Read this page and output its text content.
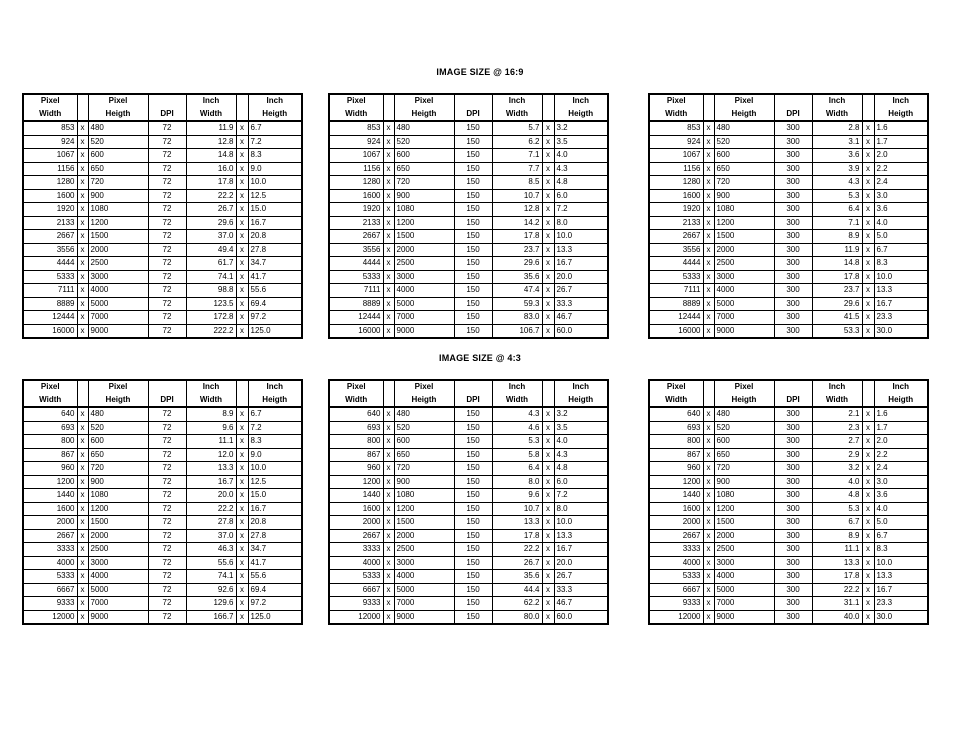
IMAGE SIZE @ 16:9
IMAGE SIZE @ 4:3
Pixel		Pixel		Inch		Inch
Width		Heigth	DPI	Width		Heigth
853	x	480	72	11.9	x	6.7
924	x	520	72	12.8	x	7.2
1067	x	600	72	14.8	x	8.3
1156	x	650	72	16.0	x	9.0
1280	x	720	72	17.8	x	10.0
1600	x	900	72	22.2	x	12.5
1920	x	1080	72	26.7	x	15.0
2133	x	1200	72	29.6	x	16.7
2667	x	1500	72	37.0	x	20.8
3556	x	2000	72	49.4	x	27.8
4444	x	2500	72	61.7	x	34.7
5333	x	3000	72	74.1	x	41.7
7111	x	4000	72	98.8	x	55.6
8889	x	5000	72	123.5	x	69.4
12444	x	7000	72	172.8	x	97.2
16000	x	9000	72	222.2	x	125.0
Pixel		Pixel		Inch		Inch
Width		Heigth	DPI	Width		Heigth
853	x	480	150	5.7	x	3.2
924	x	520	150	6.2	x	3.5
1067	x	600	150	7.1	x	4.0
1156	x	650	150	7.7	x	4.3
1280	x	720	150	8.5	x	4.8
1600	x	900	150	10.7	x	6.0
1920	x	1080	150	12.8	x	7.2
2133	x	1200	150	14.2	x	8.0
2667	x	1500	150	17.8	x	10.0
3556	x	2000	150	23.7	x	13.3
4444	x	2500	150	29.6	x	16.7
5333	x	3000	150	35.6	x	20.0
7111	x	4000	150	47.4	x	26.7
8889	x	5000	150	59.3	x	33.3
12444	x	7000	150	83.0	x	46.7
16000	x	9000	150	106.7	x	60.0
Pixel		Pixel		Inch		Inch
Width		Heigth	DPI	Width		Heigth
853	x	480	300	2.8	x	1.6
924	x	520	300	3.1	x	1.7
1067	x	600	300	3.6	x	2.0
1156	x	650	300	3.9	x	2.2
1280	x	720	300	4.3	x	2.4
1600	x	900	300	5.3	x	3.0
1920	x	1080	300	6.4	x	3.6
2133	x	1200	300	7.1	x	4.0
2667	x	1500	300	8.9	x	5.0
3556	x	2000	300	11.9	x	6.7
4444	x	2500	300	14.8	x	8.3
5333	x	3000	300	17.8	x	10.0
7111	x	4000	300	23.7	x	13.3
8889	x	5000	300	29.6	x	16.7
12444	x	7000	300	41.5	x	23.3
16000	x	9000	300	53.3	x	30.0
Pixel		Pixel		Inch		Inch
Width		Heigth	DPI	Width		Heigth
640	x	480	72	8.9	x	6.7
693	x	520	72	9.6	x	7.2
800	x	600	72	11.1	x	8.3
867	x	650	72	12.0	x	9.0
960	x	720	72	13.3	x	10.0
1200	x	900	72	16.7	x	12.5
1440	x	1080	72	20.0	x	15.0
1600	x	1200	72	22.2	x	16.7
2000	x	1500	72	27.8	x	20.8
2667	x	2000	72	37.0	x	27.8
3333	x	2500	72	46.3	x	34.7
4000	x	3000	72	55.6	x	41.7
5333	x	4000	72	74.1	x	55.6
6667	x	5000	72	92.6	x	69.4
9333	x	7000	72	129.6	x	97.2
12000	x	9000	72	166.7	x	125.0
Pixel		Pixel		Inch		Inch
Width		Heigth	DPI	Width		Heigth
640	x	480	150	4.3	x	3.2
693	x	520	150	4.6	x	3.5
800	x	600	150	5.3	x	4.0
867	x	650	150	5.8	x	4.3
960	x	720	150	6.4	x	4.8
1200	x	900	150	8.0	x	6.0
1440	x	1080	150	9.6	x	7.2
1600	x	1200	150	10.7	x	8.0
2000	x	1500	150	13.3	x	10.0
2667	x	2000	150	17.8	x	13.3
3333	x	2500	150	22.2	x	16.7
4000	x	3000	150	26.7	x	20.0
5333	x	4000	150	35.6	x	26.7
6667	x	5000	150	44.4	x	33.3
9333	x	7000	150	62.2	x	46.7
12000	x	9000	150	80.0	x	60.0
Pixel		Pixel		Inch		Inch
Width		Heigth	DPI	Width		Heigth
640	x	480	300	2.1	x	1.6
693	x	520	300	2.3	x	1.7
800	x	600	300	2.7	x	2.0
867	x	650	300	2.9	x	2.2
960	x	720	300	3.2	x	2.4
1200	x	900	300	4.0	x	3.0
1440	x	1080	300	4.8	x	3.6
1600	x	1200	300	5.3	x	4.0
2000	x	1500	300	6.7	x	5.0
2667	x	2000	300	8.9	x	6.7
3333	x	2500	300	11.1	x	8.3
4000	x	3000	300	13.3	x	10.0
5333	x	4000	300	17.8	x	13.3
6667	x	5000	300	22.2	x	16.7
9333	x	7000	300	31.1	x	23.3
12000	x	9000	300	40.0	x	30.0
